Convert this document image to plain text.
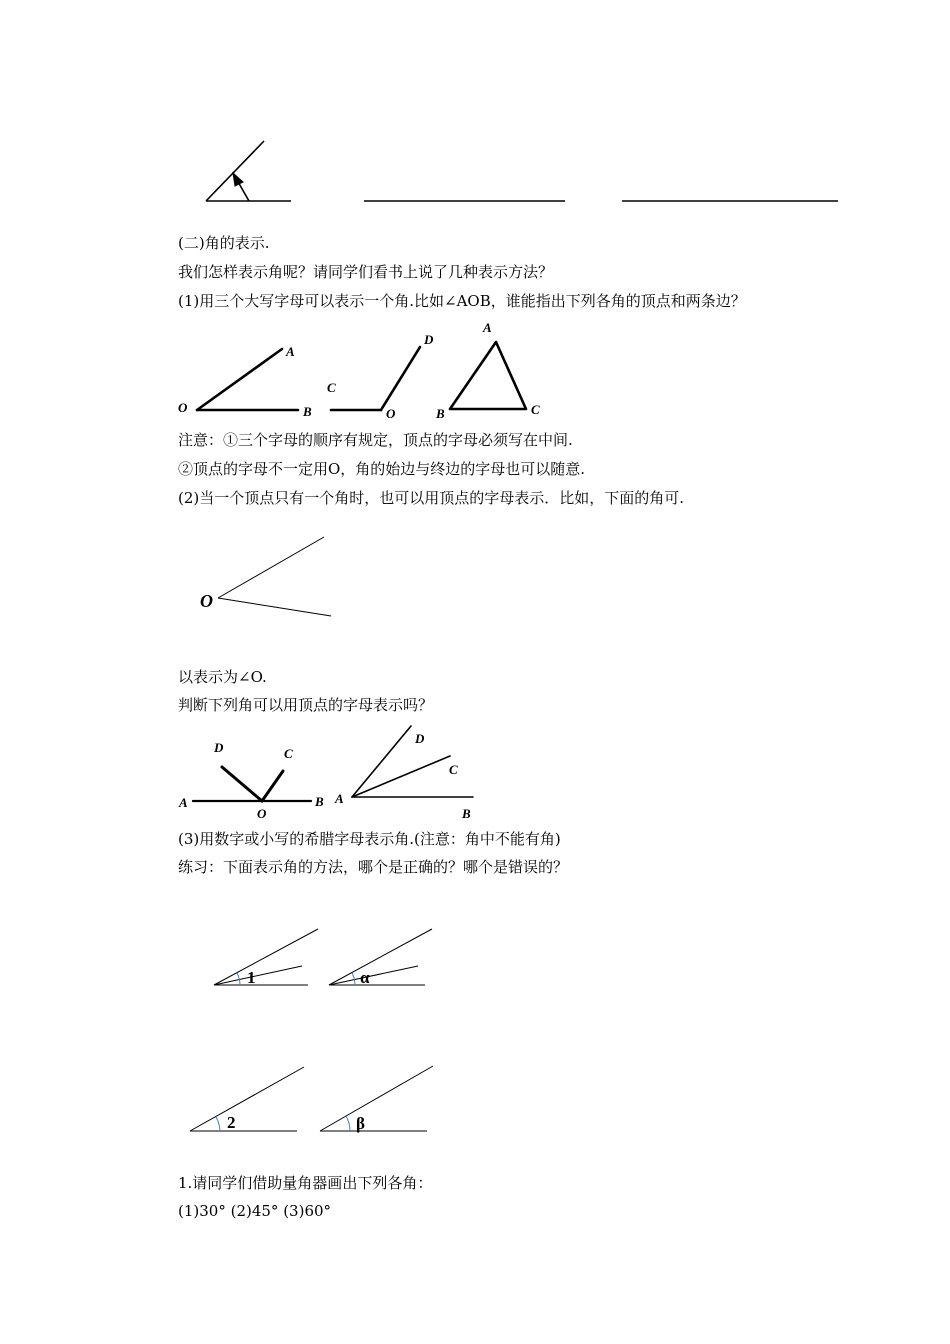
(二)角的表示.
我们怎样表示角呢？请同学们看书上说了几种表示方法？
(1)用三个大写字母可以表示一个角.比如∠AOB，谁能指出下列各角的顶点和两条边？
A
O	B
C
D
O
A
B	C
注意：①三个字母的顺序有规定，顶点的字母必须写在中间.
②顶点的字母不一定用O，角的始边与终边的字母也可以随意.
(2)当一个顶点只有一个角时，也可以用顶点的字母表示．比如，下面的角可.
O
以表示为∠O.
判断下列角可以用顶点的字母表示吗？
D	C
A
O
B
D
C
A
B
(3)用数字或小写的希腊字母表示角.(注意：角中不能有角)
练习：下面表示角的方法，哪个是正确的？哪个是错误的？
1	α
2	β
1.请同学们借助量角器画出下列各角：
(1)30° (2)45° (3)60°
